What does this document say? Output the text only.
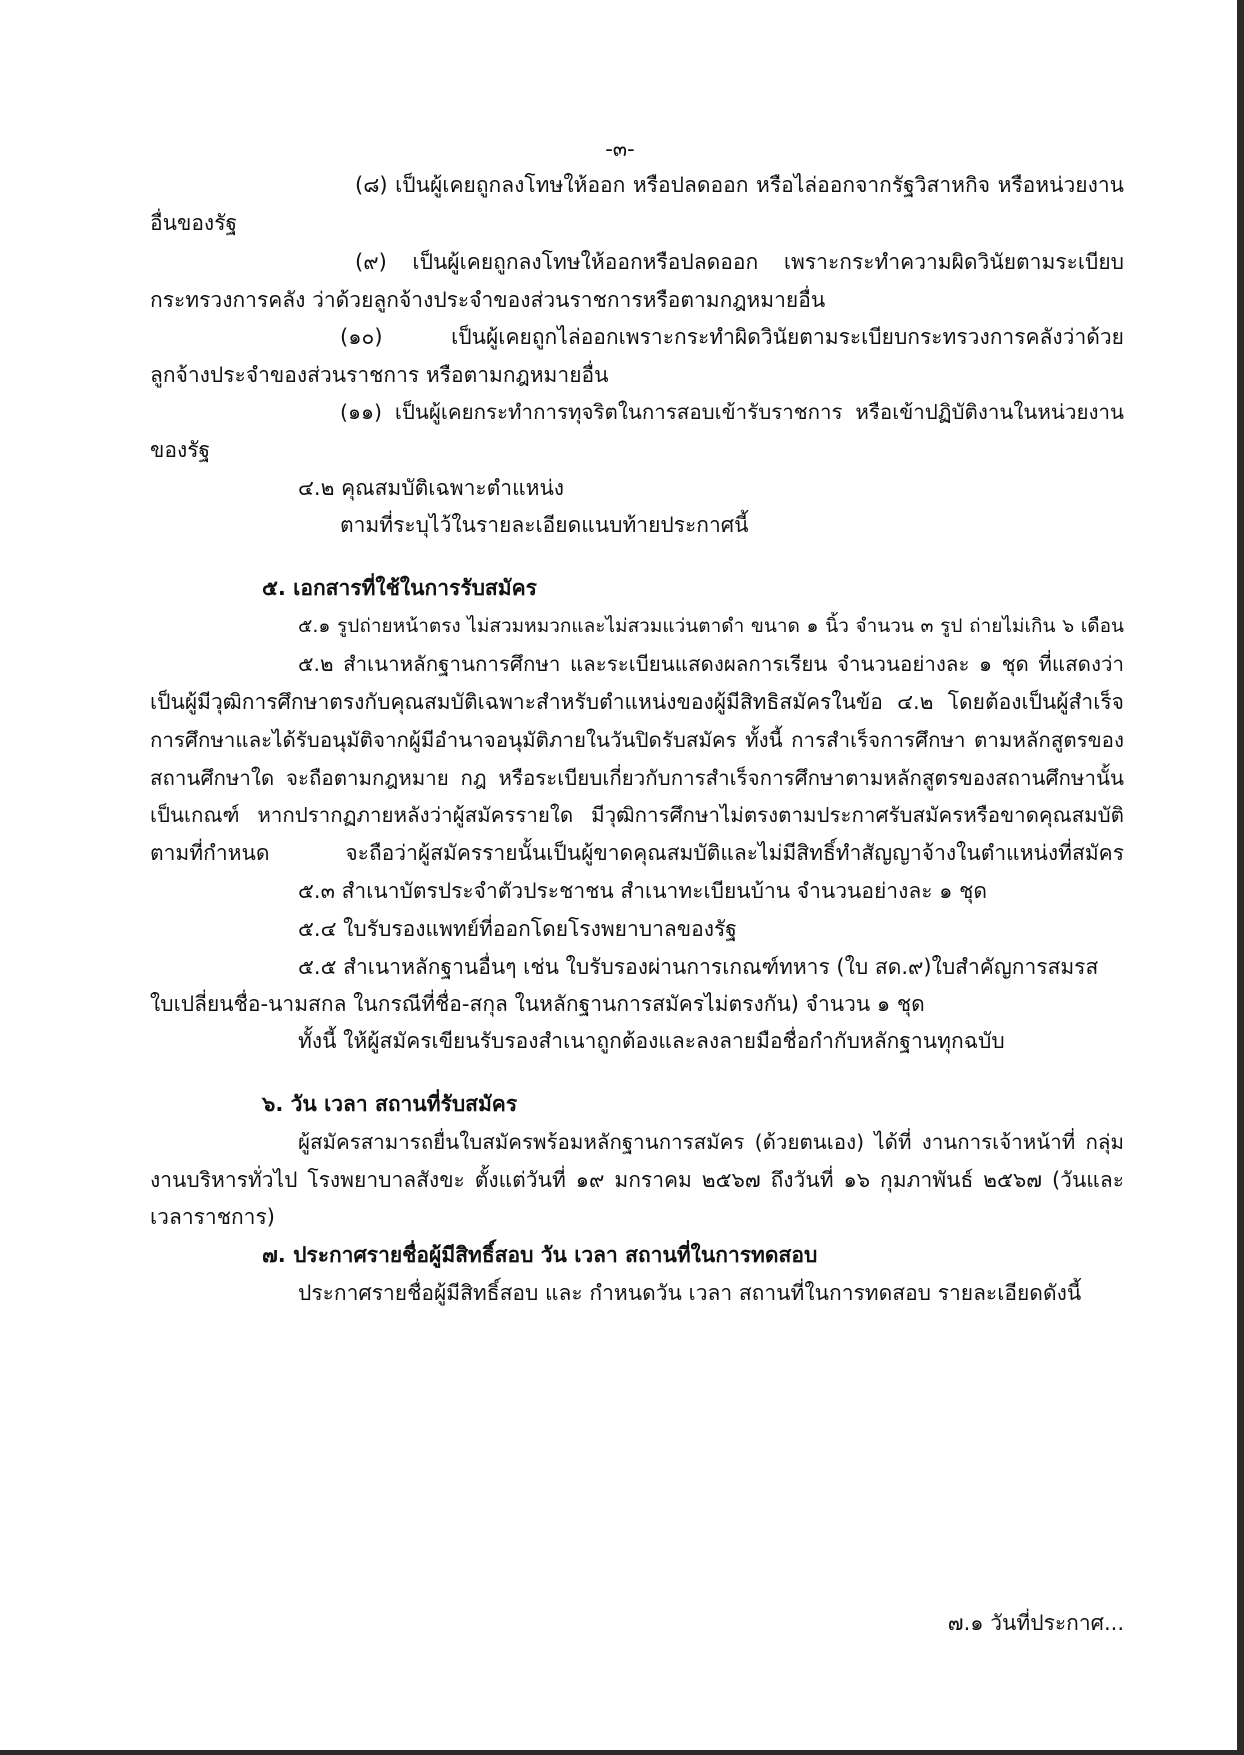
-๓-

(๘) เป็นผู้เคยถูกลงโทษให้ออก หรือปลดออก หรือไล่ออกจากรัฐวิสาหกิจ หรือหน่วยงาน

อื่นของรัฐ

(๙) เป็นผู้เคยถูกลงโทษให้ออกหรือปลดออก เพราะกระทำความผิดวินัยตามระเบียบ

กระทรวงการคลัง ว่าด้วยลูกจ้างประจำของส่วนราชการหรือตามกฎหมายอื่น

(๑๐) เป็นผู้เคยถูกไล่ออกเพราะกระทำผิดวินัยตามระเบียบกระทรวงการคลังว่าด้วย

ลูกจ้างประจำของส่วนราชการ หรือตามกฎหมายอื่น

(๑๑) เป็นผู้เคยกระทำการทุจริตในการสอบเข้ารับราชการ หรือเข้าปฏิบัติงานในหน่วยงาน

ของรัฐ

๔.๒ คุณสมบัติเฉพาะตำแหน่ง

ตามที่ระบุไว้ในรายละเอียดแนบท้ายประกาศนี้

๕. เอกสารที่ใช้ในการรับสมัคร

๕.๑ รูปถ่ายหน้าตรง ไม่สวมหมวกและไม่สวมแว่นตาดำ ขนาด ๑ นิ้ว จำนวน ๓ รูป ถ่ายไม่เกิน ๖ เดือน

๕.๒ สำเนาหลักฐานการศึกษา และระเบียนแสดงผลการเรียน จำนวนอย่างละ ๑ ชุด ที่แสดงว่า

เป็นผู้มีวุฒิการศึกษาตรงกับคุณสมบัติเฉพาะสำหรับตำแหน่งของผู้มีสิทธิสมัครในข้อ ๔.๒ โดยต้องเป็นผู้สำเร็จ

การศึกษาและได้รับอนุมัติจากผู้มีอำนาจอนุมัติภายในวันปิดรับสมัคร ทั้งนี้ การสำเร็จการศึกษา ตามหลักสูตรของ

สถานศึกษาใด จะถือตามกฎหมาย กฎ หรือระเบียบเกี่ยวกับการสำเร็จการศึกษาตามหลักสูตรของสถานศึกษานั้น

เป็นเกณฑ์ หากปรากฏภายหลังว่าผู้สมัครรายใด มีวุฒิการศึกษาไม่ตรงตามประกาศรับสมัครหรือขาดคุณสมบัติ

ตามที่กำหนด จะถือว่าผู้สมัครรายนั้นเป็นผู้ขาดคุณสมบัติและไม่มีสิทธิ์ทำสัญญาจ้างในตำแหน่งที่สมัคร

๕.๓ สำเนาบัตรประจำตัวประชาชน สำเนาทะเบียนบ้าน จำนวนอย่างละ ๑ ชุด

๕.๔ ใบรับรองแพทย์ที่ออกโดยโรงพยาบาลของรัฐ

๕.๕ สำเนาหลักฐานอื่นๆ เช่น ใบรับรองผ่านการเกณฑ์ทหาร (ใบ สด.๙)ใบสำคัญการสมรส

ใบเปลี่ยนชื่อ-นามสกล ในกรณีที่ชื่อ-สกุล ในหลักฐานการสมัครไม่ตรงกัน) จำนวน ๑ ชุด

ทั้งนี้ ให้ผู้สมัครเขียนรับรองสำเนาถูกต้องและลงลายมือชื่อกำกับหลักฐานทุกฉบับ

๖. วัน เวลา สถานที่รับสมัคร

ผู้สมัครสามารถยื่นใบสมัครพร้อมหลักฐานการสมัคร (ด้วยตนเอง) ได้ที่ งานการเจ้าหน้าที่ กลุ่ม

งานบริหารทั่วไป โรงพยาบาลสังขะ ตั้งแต่วันที่ ๑๙ มกราคม ๒๕๖๗ ถึงวันที่ ๑๖ กุมภาพันธ์ ๒๕๖๗ (วันและ

เวลาราชการ)

๗. ประกาศรายชื่อผู้มีสิทธิ์สอบ วัน เวลา สถานที่ในการทดสอบ

ประกาศรายชื่อผู้มีสิทธิ์สอบ และ กำหนดวัน เวลา สถานที่ในการทดสอบ รายละเอียดดังนี้

๗.๑ วันที่ประกาศ...
